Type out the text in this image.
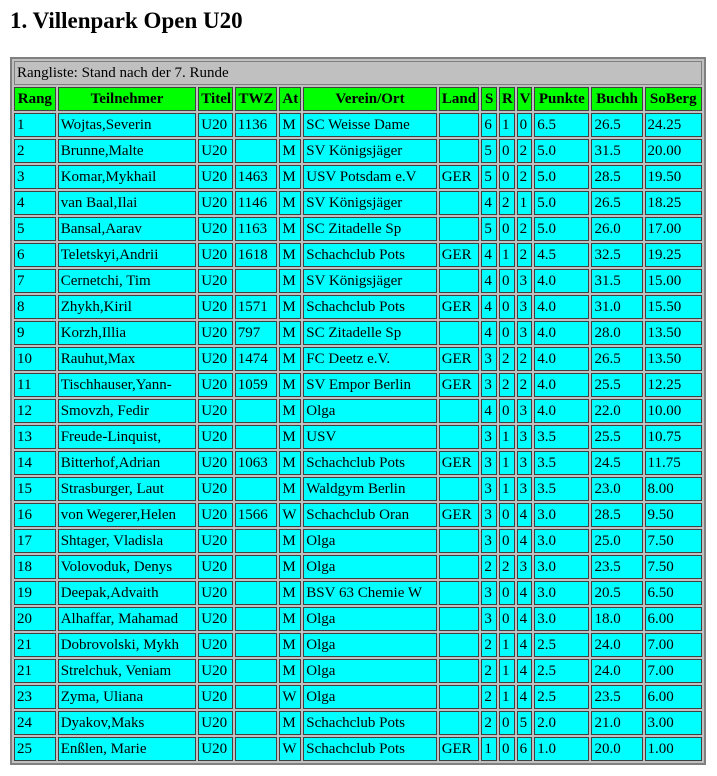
1. Villenpark Open U20
Rangliste: Stand nach der 7. Runde												
Rang	Teilnehmer	Titel	TWZ	At	Verein/Ort	Land	S	R	V	Punkte	Buchh	SoBerg
1	Wojtas,Severin	U20	1136	M	SC Weisse Dame		6	1	0	6.5	26.5	24.25
2	Brunne,Malte	U20		M	SV Königsjäger		5	0	2	5.0	31.5	20.00
3	Komar,Mykhail	U20	1463	M	USV Potsdam e.V	GER	5	0	2	5.0	28.5	19.50
4	van Baal,Ilai	U20	1146	M	SV Königsjäger		4	2	1	5.0	26.5	18.25
5	Bansal,Aarav	U20	1163	M	SC Zitadelle Sp		5	0	2	5.0	26.0	17.00
6	Teletskyi,Andrii	U20	1618	M	Schachclub Pots	GER	4	1	2	4.5	32.5	19.25
7	Cernetchi, Tim	U20		M	SV Königsjäger		4	0	3	4.0	31.5	15.00
8	Zhykh,Kiril	U20	1571	M	Schachclub Pots	GER	4	0	3	4.0	31.0	15.50
9	Korzh,Illia	U20	797	M	SC Zitadelle Sp		4	0	3	4.0	28.0	13.50
10	Rauhut,Max	U20	1474	M	FC Deetz e.V.	GER	3	2	2	4.0	26.5	13.50
11	Tischhauser,Yann-	U20	1059	M	SV Empor Berlin	GER	3	2	2	4.0	25.5	12.25
12	Smovzh, Fedir	U20		M	Olga		4	0	3	4.0	22.0	10.00
13	Freude-Linquist,	U20		M	USV		3	1	3	3.5	25.5	10.75
14	Bitterhof,Adrian	U20	1063	M	Schachclub Pots	GER	3	1	3	3.5	24.5	11.75
15	Strasburger, Laut	U20		M	Waldgym Berlin		3	1	3	3.5	23.0	8.00
16	von Wegerer,Helen	U20	1566	W	Schachclub Oran	GER	3	0	4	3.0	28.5	9.50
17	Shtager, Vladisla	U20		M	Olga		3	0	4	3.0	25.0	7.50
18	Volovoduk, Denys	U20		M	Olga		2	2	3	3.0	23.5	7.50
19	Deepak,Advaith	U20		M	BSV 63 Chemie W		3	0	4	3.0	20.5	6.50
20	Alhaffar, Mahamad	U20		M	Olga		3	0	4	3.0	18.0	6.00
21	Dobrovolski, Mykh	U20		M	Olga		2	1	4	2.5	24.0	7.00
21	Strelchuk, Veniam	U20		M	Olga		2	1	4	2.5	24.0	7.00
23	Zyma, Uliana	U20		W	Olga		2	1	4	2.5	23.5	6.00
24	Dyakov,Maks	U20		M	Schachclub Pots		2	0	5	2.0	21.0	3.00
25	Enßlen, Marie	U20		W	Schachclub Pots	GER	1	0	6	1.0	20.0	1.00
